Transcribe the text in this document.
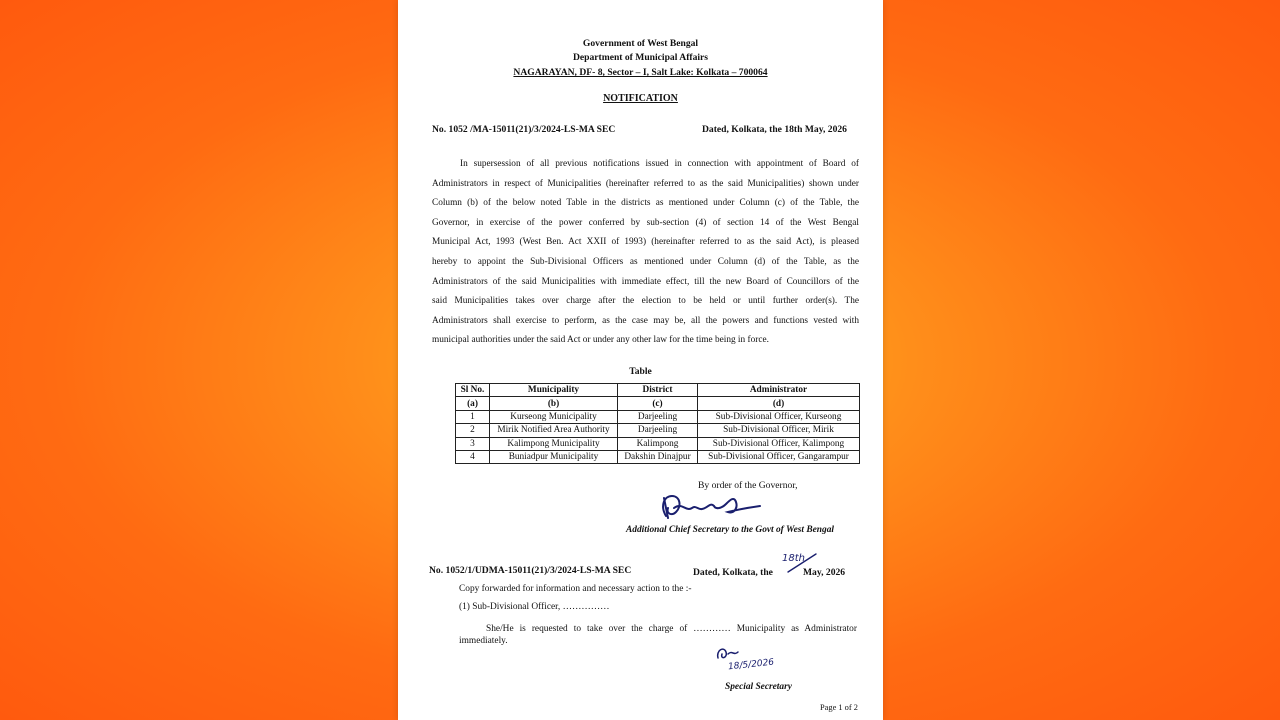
Government of West Bengal
Department of Municipal Affairs
NAGARAYAN, DF- 8, Sector – I, Salt Lake: Kolkata – 700064
NOTIFICATION
No. 1052 /MA-15011(21)/3/2024-LS-MA SEC	Dated, Kolkata, the 18th May, 2026
In supersession of all previous notifications issued in connection with appointment of Board of
Administrators in respect of Municipalities (hereinafter referred to as the said Municipalities) shown under
Column (b) of the below noted Table in the districts as mentioned under Column (c) of the Table, the
Governor, in exercise of the power conferred by sub-section (4) of section 14 of the West Bengal
Municipal Act, 1993 (West Ben. Act XXII of 1993) (hereinafter referred to as the said Act), is pleased
hereby to appoint the Sub-Divisional Officers as mentioned under Column (d) of the Table, as the
Administrators of the said Municipalities with immediate effect, till the new Board of Councillors of the
said Municipalities takes over charge after the election to be held or until further order(s). The
Administrators shall exercise to perform, as the case may be, all the powers and functions vested with
municipal authorities under the said Act or under any other law for the time being in force.
Table
Sl No.	Municipality	District	Administrator
(a)	(b)	(c)	(d)
1	Kurseong Municipality	Darjeeling	Sub-Divisional Officer, Kurseong
2	Mirik Notified Area Authority	Darjeeling	Sub-Divisional Officer, Mirik
3	Kalimpong Municipality	Kalimpong	Sub-Divisional Officer, Kalimpong
4	Buniadpur Municipality	Dakshin Dinajpur	Sub-Divisional Officer, Gangarampur
By order of the Governor,
Additional Chief Secretary to the Govt of West Bengal
No. 1052/1/UDMA-15011(21)/3/2024-LS-MA SEC	Dated, Kolkata, the
18th
May, 2026
Copy forwarded for information and necessary action to the :-
(1) Sub-Divisional Officer, ……………
She/He is requested to take over the charge of ………… Municipality as Administrator
immediately.
18/5/2026
Special Secretary
Page 1 of 2
